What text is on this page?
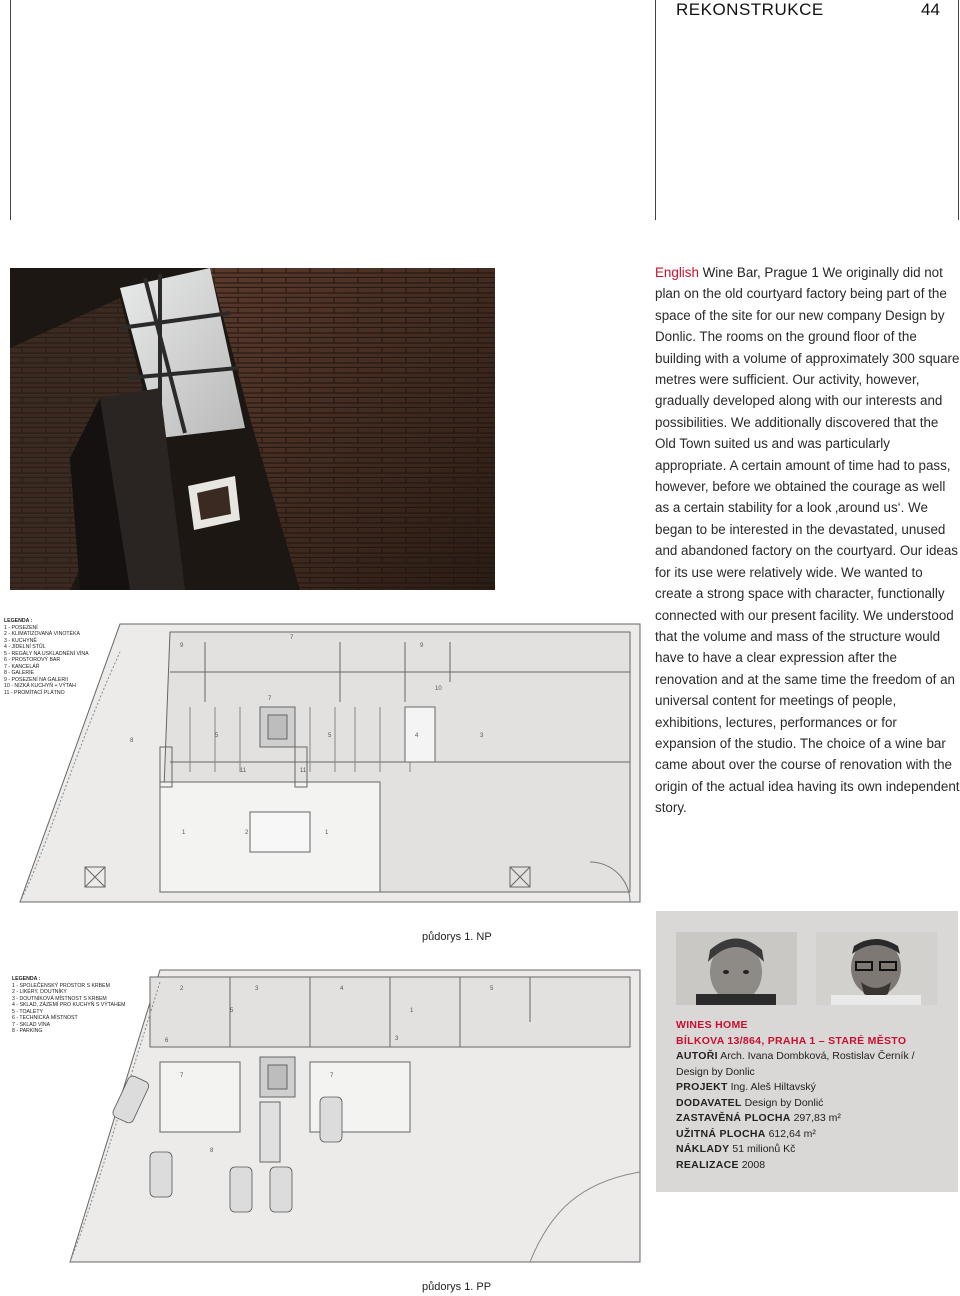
REKONSTRUKCE	44
English Wine Bar, Prague 1 We originally did not plan on the old courtyard factory being part of the space of the site for our new company Design by Donlic. The rooms on the ground floor of the building with a volume of approximately 300 square metres were sufficient. Our activity, however, gradually developed along with our interests and possibilities. We additionally discovered that the Old Town suited us and was particularly appropriate. A certain amount of time had to pass, however, before we obtained the courage as well as a certain stability for a look ‚around us‘. We began to be interested in the devastated, unused and abandoned factory on the courtyard. Our ideas for its use were relatively wide. We wanted to create a strong space with character, functionally connected with our present facility. We understood that the volume and mass of the structure would have to have a clear expression after the renovation and at the same time the freedom of an universal content for meetings of people, exhibitions, lectures, performances or for expansion of the studio. The choice of a wine bar came about over the course of renovation with the origin of the actual idea having its own independent story.
8
9	9
5	5
7
7
11	11
1	2	1
3
4
10
LEGENDA :
1 - POSEZENÍ
2 - KLIMATIZOVANÁ VINOTÉKA
3 - KUCHYNĚ
4 - JÍDELNÍ STŮL
5 - REGÁLY NA USKLADNĚNÍ VÍNA
6 - PROSTOROVÝ BAR
7 - KANCELÁŘ
8 - GALERIE
9 - POSEZENÍ NA GALERII
10 - NÍZKÁ KUCHYŇ + VÝTAH
11 - PROMÍTACÍ PLÁTNO
půdorys 1. NP
2	3	4	5
6
7	7
1
8
3
5
LEGENDA :
1 - SPOLEČENSKÝ PROSTOR S KRBEM
2 - LIKÉRY, DOUTNÍKY
3 - DOUTNÍKOVÁ MÍSTNOST S KRBEM
4 - SKLAD, ZÁZEMÍ PRO KUCHYŇ S VÝTAHEM
5 - TOALETY
6 - TECHNICKÁ MÍSTNOST
7 - SKLAD VÍNA
8 - PARKING
půdorys 1. PP
WINES HOME
BÍLKOVA 13/864, PRAHA 1 – STARÉ MĚSTO
AUTOŘI Arch. Ivana Dombková, Rostislav Černík / Design by Donlic
PROJEKT Ing. Aleš Hiltavský
DODAVATEL Design by Donlić
ZASTAVĚNÁ PLOCHA 297,83 m²
UŽITNÁ PLOCHA 612,64 m²
NÁKLADY 51 milionů Kč
REALIZACE 2008
